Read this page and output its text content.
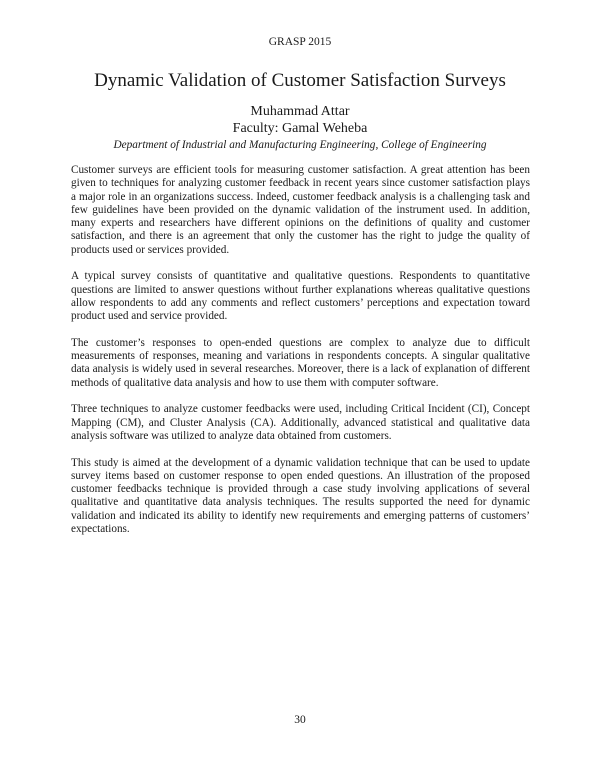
GRASP 2015
Dynamic Validation of Customer Satisfaction Surveys
Muhammad Attar
Faculty: Gamal Weheba
Department of Industrial and Manufacturing Engineering, College of Engineering

Customer surveys are efficient tools for measuring customer satisfaction. A great attention has been given to techniques for analyzing customer feedback in recent years since customer satisfaction plays a major role in an organizations success. Indeed, customer feedback analysis is a challenging task and few guidelines have been provided on the dynamic validation of the instrument used. In addition, many experts and researchers have different opinions on the definitions of quality and customer satisfaction, and there is an agreement that only the customer has the right to judge the quality of products used or services provided.

A typical survey consists of quantitative and qualitative questions. Respondents to quantitative questions are limited to answer questions without further explanations whereas qualitative questions allow respondents to add any comments and reflect customers’ perceptions and expectation toward product used and service provided.

The customer’s responses to open-ended questions are complex to analyze due to difficult measurements of responses, meaning and variations in respondents concepts. A singular qualitative data analysis is widely used in several researches. Moreover, there is a lack of explanation of different methods of qualitative data analysis and how to use them with computer software.

Three techniques to analyze customer feedbacks were used, including Critical Incident (CI), Concept Mapping (CM), and Cluster Analysis (CA). Additionally, advanced statistical and qualitative data analysis software was utilized to analyze data obtained from customers.

This study is aimed at the development of a dynamic validation technique that can be used to update survey items based on customer response to open ended questions. An illustration of the proposed customer feedbacks technique is provided through a case study involving applications of several qualitative and quantitative data analysis techniques. The results supported the need for dynamic validation and indicated its ability to identify new requirements and emerging patterns of customers’ expectations.

30
